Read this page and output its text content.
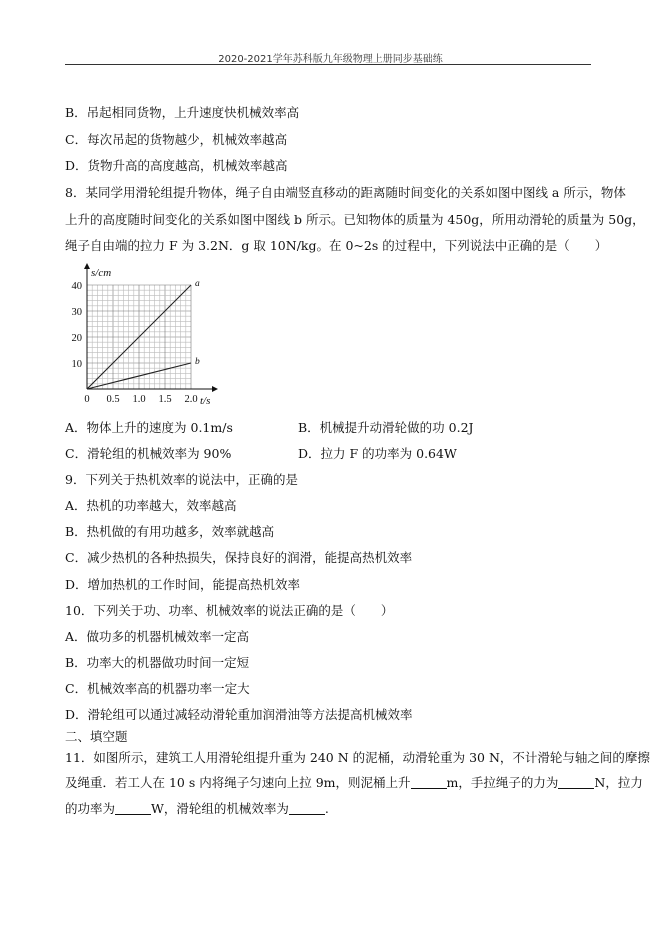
2020-2021学年苏科版九年级物理上册同步基础练
B．吊起相同货物，上升速度快机械效率高
C．每次吊起的货物越少，机械效率越高
D．货物升高的高度越高，机械效率越高
8．某同学用滑轮组提升物体，绳子自由端竖直移动的距离随时间变化的关系如图中图线 a 所示，物体
上升的高度随时间变化的关系如图中图线 b 所示。已知物体的质量为 450g，所用动滑轮的质量为 50g，
绳子自由端的拉力 F 为 3.2N．g 取 10N/kg。在 0~2s 的过程中，下列说法中正确的是（　　）
a
b
0 0.5 1.0 1.5 2.0
10
20
30
40
s/cm
t/s
A．物体上升的速度为 0.1m/s	B．机械提升动滑轮做的功 0.2J
C．滑轮组的机械效率为 90%	D．拉力 F 的功率为 0.64W
9．下列关于热机效率的说法中，正确的是
A．热机的功率越大，效率越高
B．热机做的有用功越多，效率就越高
C．减少热机的各种热损失，保持良好的润滑，能提高热机效率
D．增加热机的工作时间，能提高热机效率
10．下列关于功、功率、机械效率的说法正确的是（　　）
A．做功多的机器机械效率一定高
B．功率大的机器做功时间一定短
C．机械效率高的机器功率一定大
D．滑轮组可以通过减轻动滑轮重加润滑油等方法提高机械效率
二、填空题
11．如图所示，建筑工人用滑轮组提升重为 240 N 的泥桶，动滑轮重为 30 N，不计滑轮与轴之间的摩擦
及绳重．若工人在 10 s 内将绳子匀速向上拉 9m，则泥桶上升	m，手拉绳子的力为	N，拉力
的功率为	W，滑轮组的机械效率为	.
